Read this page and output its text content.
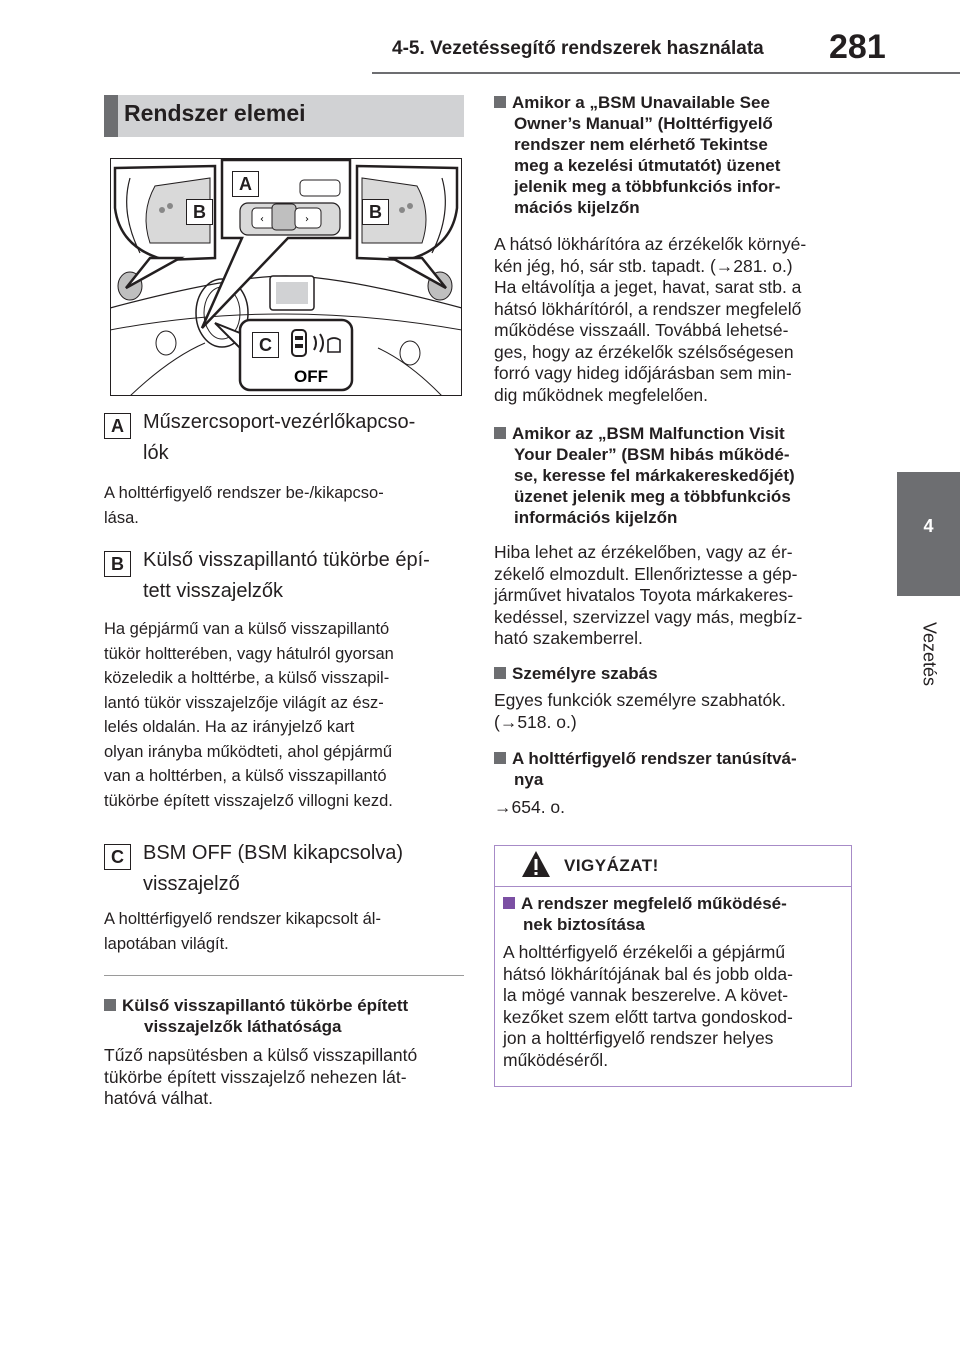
4-5. Vezetéssegítő rendszerek használata 281
4
Vezetés
Rendszer elemei
‹	›
OFF
A
B	B
C
A Műszercsoport-vezérlőkapcso-
lók
A holttérfigyelő rendszer be-/kikapcso-
lása.
B Külső visszapillantó tükörbe épí-
tett visszajelzők
Ha gépjármű van a külső visszapillantó
tükör holtterében, vagy hátulról gyorsan
közeledik a holttérbe, a külső visszapil-
lantó tükör visszajelzője világít az ész-
lelés oldalán. Ha az irányjelző kart
olyan irányba működteti, ahol gépjármű
van a holttérben, a külső visszapillantó
tükörbe épített visszajelző villogni kezd.
C BSM OFF (BSM kikapcsolva)
visszajelző
A holttérfigyelő rendszer kikapcsolt ál-
lapotában világít.
Külső visszapillantó tükörbe épített
visszajelzők láthatósága
Tűző napsütésben a külső visszapillantó
tükörbe épített visszajelző nehezen lát-
hatóvá válhat.
Amikor a „BSM Unavailable See
Owner’s Manual” (Holttérfigyelő
rendszer nem elérhető Tekintse
meg a kezelési útmutatót) üzenet
jelenik meg a többfunkciós infor-
mációs kijelzőn
A hátsó lökhárítóra az érzékelők környé-
kén jég, hó, sár stb. tapadt. (→281. o.)
Ha eltávolítja a jeget, havat, sarat stb. a
hátsó lökhárítóról, a rendszer megfelelő
működése visszaáll. Továbbá lehetsé-
ges, hogy az érzékelők szélsőségesen
forró vagy hideg időjárásban sem min-
dig működnek megfelelően.
Amikor az „BSM Malfunction Visit
Your Dealer” (BSM hibás működé-
se, keresse fel márkakereskedőjét)
üzenet jelenik meg a többfunkciós
információs kijelzőn
Hiba lehet az érzékelőben, vagy az ér-
zékelő elmozdult. Ellenőriztesse a gép-
járművet hivatalos Toyota márkakeres-
kedéssel, szervizzel vagy más, megbíz-
ható szakemberrel.
Személyre szabás
Egyes funkciók személyre szabhatók.
(→518. o.)
A holttérfigyelő rendszer tanúsítvá-
nya
→654. o.
VIGYÁZAT!
A rendszer megfelelő működésé-
nek biztosítása
A holttérfigyelő érzékelői a gépjármű
hátsó lökhárítójának bal és jobb olda-
la mögé vannak beszerelve. A követ-
kezőket szem előtt tartva gondoskod-
jon a holttérfigyelő rendszer helyes
működéséről.
